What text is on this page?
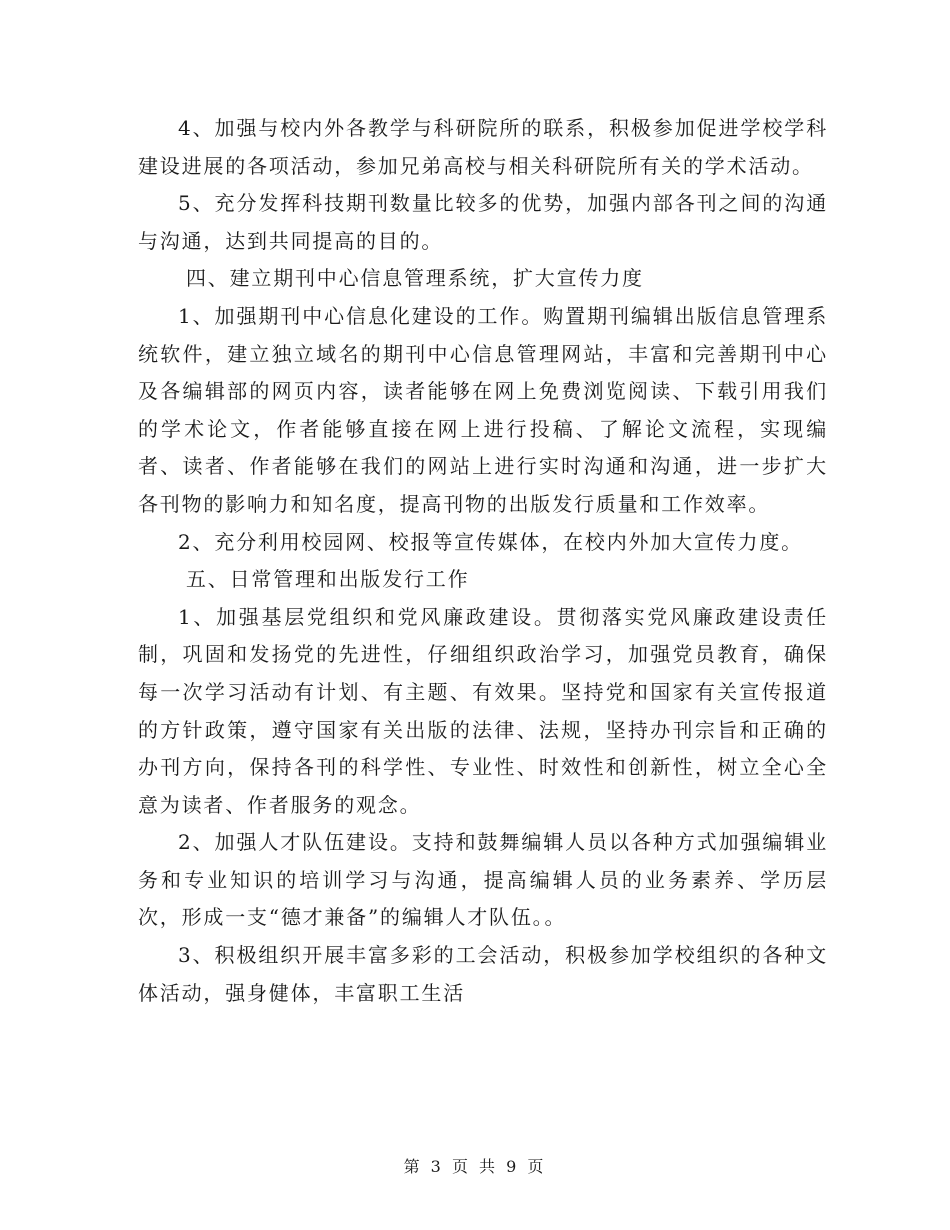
4、加强与校内外各教学与科研院所的联系，积极参加促进学校学科建设进展的各项活动，参加兄弟高校与相关科研院所有关的学术活动。

5、充分发挥科技期刊数量比较多的优势，加强内部各刊之间的沟通与沟通，达到共同提高的目的。

四、建立期刊中心信息管理系统，扩大宣传力度

1、加强期刊中心信息化建设的工作。购置期刊编辑出版信息管理系统软件，建立独立域名的期刊中心信息管理网站，丰富和完善期刊中心及各编辑部的网页内容，读者能够在网上免费浏览阅读、下载引用我们的学术论文，作者能够直接在网上进行投稿、了解论文流程，实现编者、读者、作者能够在我们的网站上进行实时沟通和沟通，进一步扩大各刊物的影响力和知名度，提高刊物的出版发行质量和工作效率。

2、充分利用校园网、校报等宣传媒体，在校内外加大宣传力度。

五、日常管理和出版发行工作

1、加强基层党组织和党风廉政建设。贯彻落实党风廉政建设责任制，巩固和发扬党的先进性，仔细组织政治学习，加强党员教育，确保每一次学习活动有计划、有主题、有效果。坚持党和国家有关宣传报道的方针政策，遵守国家有关出版的法律、法规，坚持办刊宗旨和正确的办刊方向，保持各刊的科学性、专业性、时效性和创新性，树立全心全意为读者、作者服务的观念。

2、加强人才队伍建设。支持和鼓舞编辑人员以各种方式加强编辑业务和专业知识的培训学习与沟通，提高编辑人员的业务素养、学历层次，形成一支“德才兼备”的编辑人才队伍。。

3、积极组织开展丰富多彩的工会活动，积极参加学校组织的各种文体活动，强身健体，丰富职工生活

第 3 页 共 9 页
